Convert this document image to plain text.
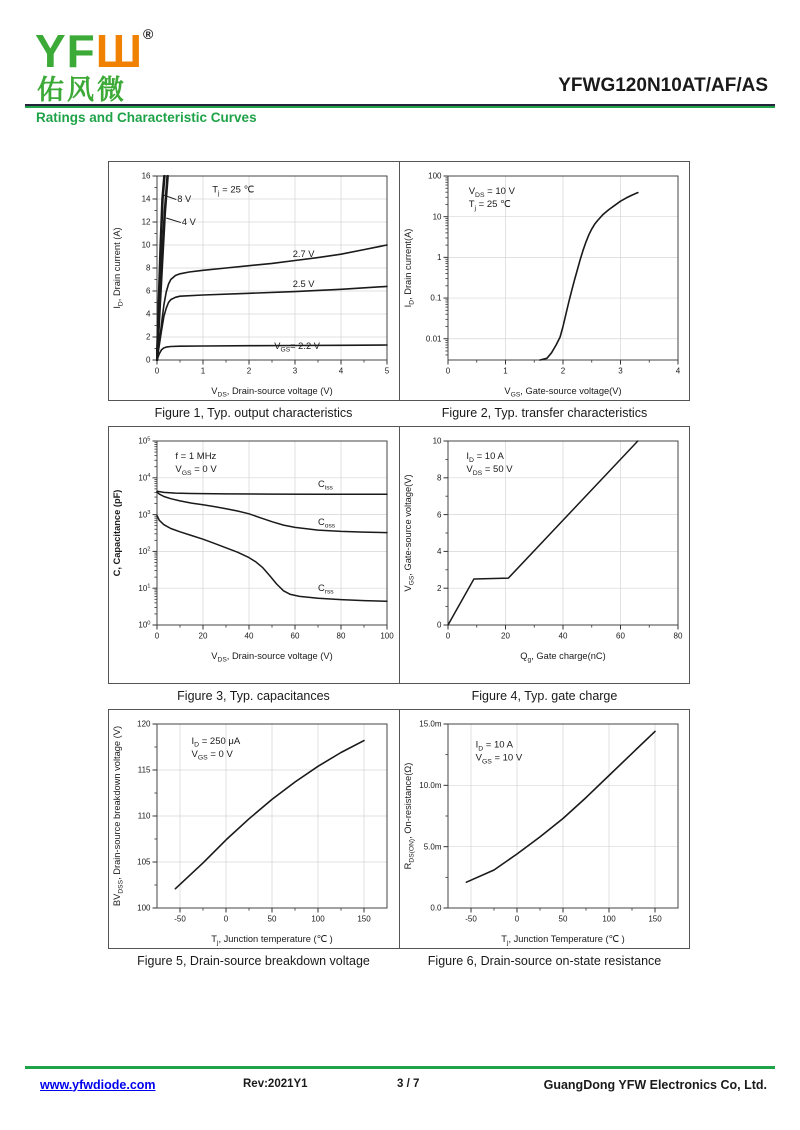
YFШ®
佑风微	YFWG120N10AT/AF/AS
Ratings and Characteristic Curves
0	1	2	3	4	5
0
2
4
6
8
10
12
14
16
8 V
4 V
2.7 V
2.5 V
$V_{GS}= 2.2$ V
$T_j = 25$ ℃
$V_{DS}$, Drain-source voltage (V)
$I_D$, Drain current (A)
0	1	2	3	4
0.01
0.1
1
10
100
$V_{DS} = 10$ V
$T_j = 25$ ℃
$V_{GS}$, Gate-source voltage(V)
$I_D$, Drain current(A)
Figure 1, Typ. output characteristics	Figure 2, Typ. transfer characteristics
0	20	40	60	80	100
$10^0$
$10^1$
$10^2$
$10^3$
$10^4$
$10^5$
$C_{iss}$
$C_{oss}$
$C_{rss}$
f = 1 MHz
$V_{GS} = 0$ V
$V_{DS}$, Drain-source voltage (V)
C, Capacitance (pF)
0	20	40	60	80
0
2
4
6
8
10
$I_D = 10$ A
$V_{DS} = 50$ V
$Q_g$, Gate charge(nC)
$V_{GS}$, Gate-source voltage(V)
Figure 3, Typ. capacitances	Figure 4, Typ. gate charge
-50	0	50	100	150
100
105
110
115
120
$I_D = 250$ μA
$V_{GS} = 0$ V
$T_j$, Junction temperature (℃ )
$BV_{DSS}$, Drain-source breakdown voltage (V)
-50	0	50	100	150
0.0
5.0m
10.0m
15.0m
$I_D = 10$ A
$V_{GS} = 10$ V
$T_j$, Junction Temperature (℃ )
$R_{DS(ON)}$, On-resistance(Ω)
Figure 5, Drain-source breakdown voltage	Figure 6, Drain-source on-state resistance
www.yfwdiode.com	Rev:2021Y1	3 / 7	GuangDong YFW Electronics Co, Ltd.
